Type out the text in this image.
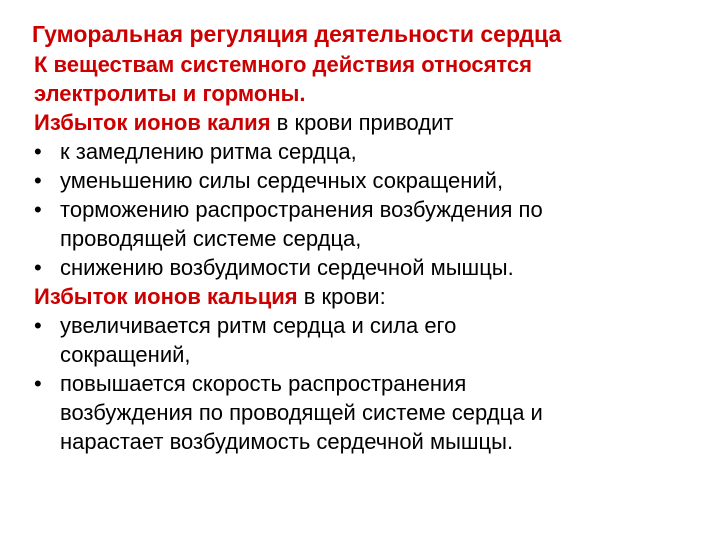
Гуморальная регуляция деятельности сердца

К веществам системного действия относятся
электролиты и гормоны.

Избыток ионов калия в крови приводит

• к замедлению ритма сердца,
• уменьшению силы сердечных сокращений,
• торможению распространения возбуждения по
проводящей системе сердца,
• снижению возбудимости сердечной мышцы.

Избыток ионов кальция в крови:

• увеличивается ритм сердца и сила его
сокращений,
• повышается скорость распространения
возбуждения по проводящей системе сердца и
нарастает возбудимость сердечной мышцы.
